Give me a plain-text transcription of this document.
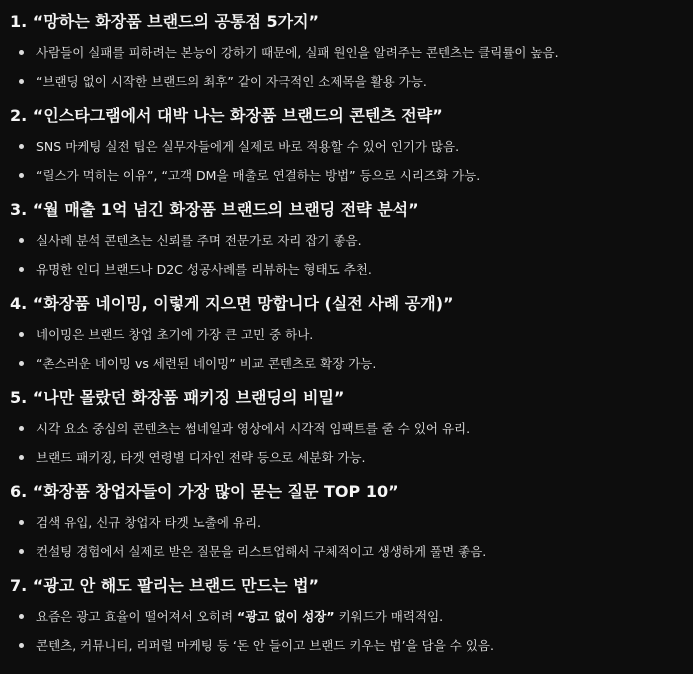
1. “망하는 화장품 브랜드의 공통점 5가지”
사람들이 실패를 피하려는 본능이 강하기 때문에, 실패 원인을 알려주는 콘텐츠는 클릭률이 높음.
“브랜딩 없이 시작한 브랜드의 최후” 같이 자극적인 소제목을 활용 가능.
2. “인스타그램에서 대박 나는 화장품 브랜드의 콘텐츠 전략”
SNS 마케팅 실전 팁은 실무자들에게 실제로 바로 적용할 수 있어 인기가 많음.
“릴스가 먹히는 이유”, “고객 DM을 매출로 연결하는 방법” 등으로 시리즈화 가능.
3. “월 매출 1억 넘긴 화장품 브랜드의 브랜딩 전략 분석”
실사례 분석 콘텐츠는 신뢰를 주며 전문가로 자리 잡기 좋음.
유명한 인디 브랜드나 D2C 성공사례를 리뷰하는 형태도 추천.
4. “화장품 네이밍, 이렇게 지으면 망합니다 (실전 사례 공개)”
네이밍은 브랜드 창업 초기에 가장 큰 고민 중 하나.
“촌스러운 네이밍 vs 세련된 네이밍” 비교 콘텐츠로 확장 가능.
5. “나만 몰랐던 화장품 패키징 브랜딩의 비밀”
시각 요소 중심의 콘텐츠는 썸네일과 영상에서 시각적 임팩트를 줄 수 있어 유리.
브랜드 패키징, 타겟 연령별 디자인 전략 등으로 세분화 가능.
6. “화장품 창업자들이 가장 많이 묻는 질문 TOP 10”
검색 유입, 신규 창업자 타겟 노출에 유리.
컨설팅 경험에서 실제로 받은 질문을 리스트업해서 구체적이고 생생하게 풀면 좋음.
7. “광고 안 해도 팔리는 브랜드 만드는 법”
요즘은 광고 효율이 떨어져서 오히려 “광고 없이 성장” 키워드가 매력적임.
콘텐츠, 커뮤니티, 리퍼럴 마케팅 등 ‘돈 안 들이고 브랜드 키우는 법’을 담을 수 있음.
